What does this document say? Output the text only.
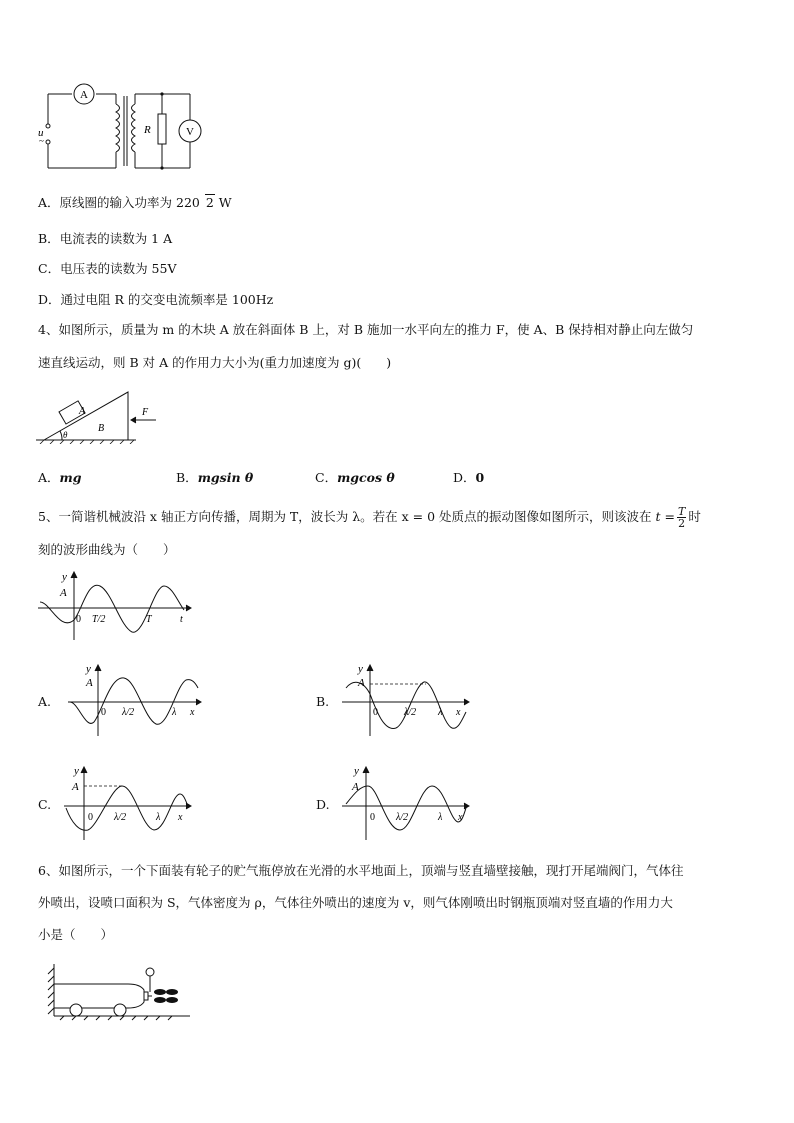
A
V
R
u
~
A．原线圈的输入功率为 220 2 W
B．电流表的读数为 1 A
C．电压表的读数为 55V
D．通过电阻 R 的交变电流频率是 100Hz
4、如图所示，质量为 m 的木块 A 放在斜面体 B 上，对 B 施加一水平向左的推力 F，使 A、B 保持相对静止向左做匀
速直线运动，则 B 对 A 的作用力大小为(重力加速度为 g)(　　)
A
B
F
θ
A．mg	B．mgsin θ	C．mgcos θ	D．0
5、一简谐机械波沿 x 轴正方向传播，周期为 T，波长为 λ。若在 x = 0 处质点的振动图像如图所示，则该波在 $t = \frac{T}{2}$ 时
刻的波形曲线为（　　）
y
A
0 T/2	T	t
A.
y
A
0 λ/2	λ x
B.
y
A
0	λ/2 λ x
C.
y
A
0 λ/2	λ x
D.
y
A
0 λ/2	λ x
6、如图所示，一个下面装有轮子的贮气瓶停放在光滑的水平地面上，顶端与竖直墙壁接触，现打开尾端阀门，气体往
外喷出，设喷口面积为 S，气体密度为 ρ，气体往外喷出的速度为 v，则气体刚喷出时钢瓶顶端对竖直墙的作用力大
小是（　　）
